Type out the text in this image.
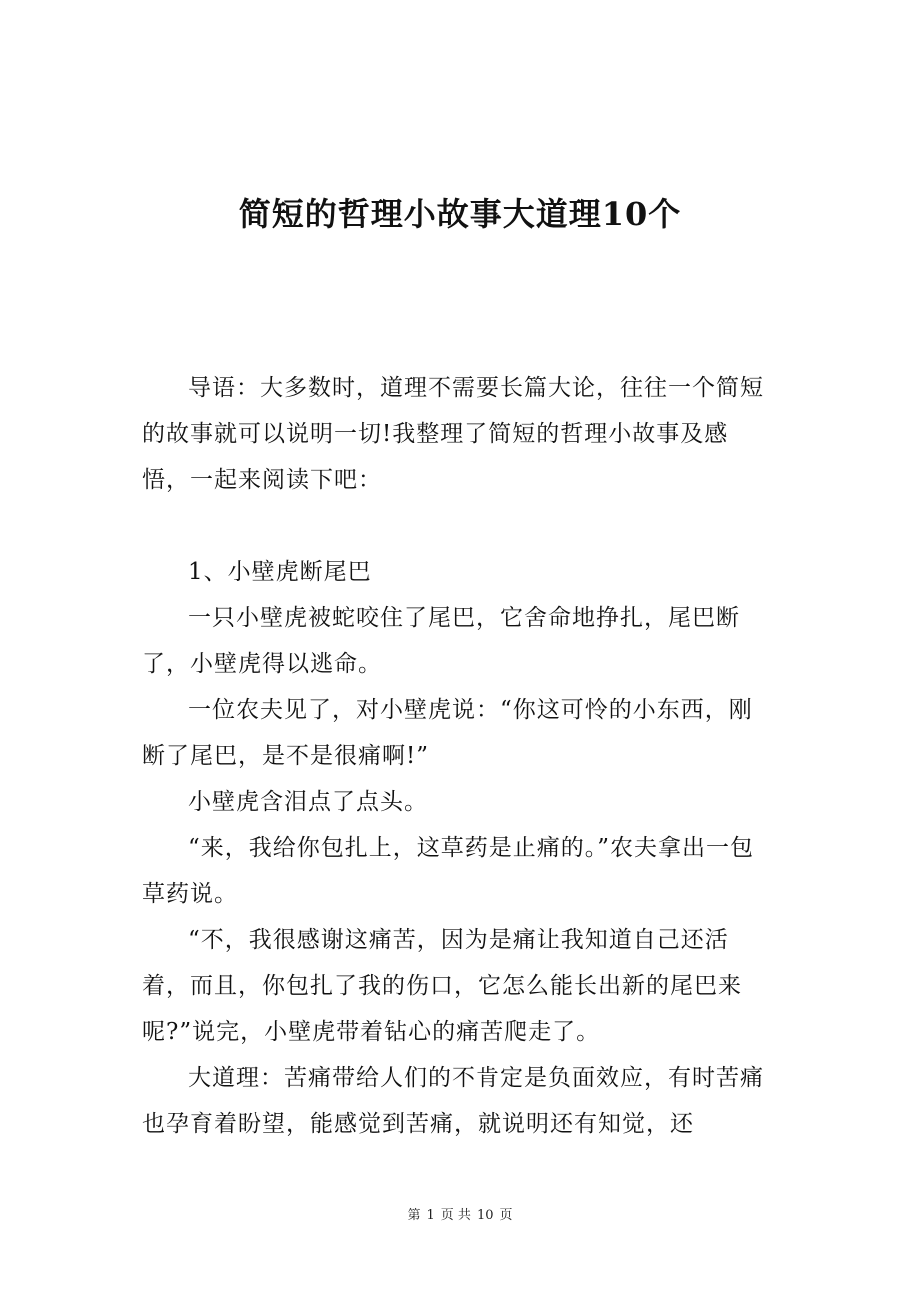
简短的哲理小故事大道理10个

导语：大多数时，道理不需要长篇大论，往往一个简短的故事就可以说明一切!我整理了简短的哲理小故事及感悟，一起来阅读下吧：

1、小壁虎断尾巴

一只小壁虎被蛇咬住了尾巴，它舍命地挣扎，尾巴断了，小壁虎得以逃命。

一位农夫见了，对小壁虎说：“你这可怜的小东西，刚断了尾巴，是不是很痛啊!”

小壁虎含泪点了点头。

“来，我给你包扎上，这草药是止痛的。”农夫拿出一包草药说。

“不，我很感谢这痛苦，因为是痛让我知道自己还活着，而且，你包扎了我的伤口，它怎么能长出新的尾巴来呢?”说完，小壁虎带着钻心的痛苦爬走了。

大道理：苦痛带给人们的不肯定是负面效应，有时苦痛也孕育着盼望，能感觉到苦痛，就说明还有知觉，还

第 1 页 共 10 页
